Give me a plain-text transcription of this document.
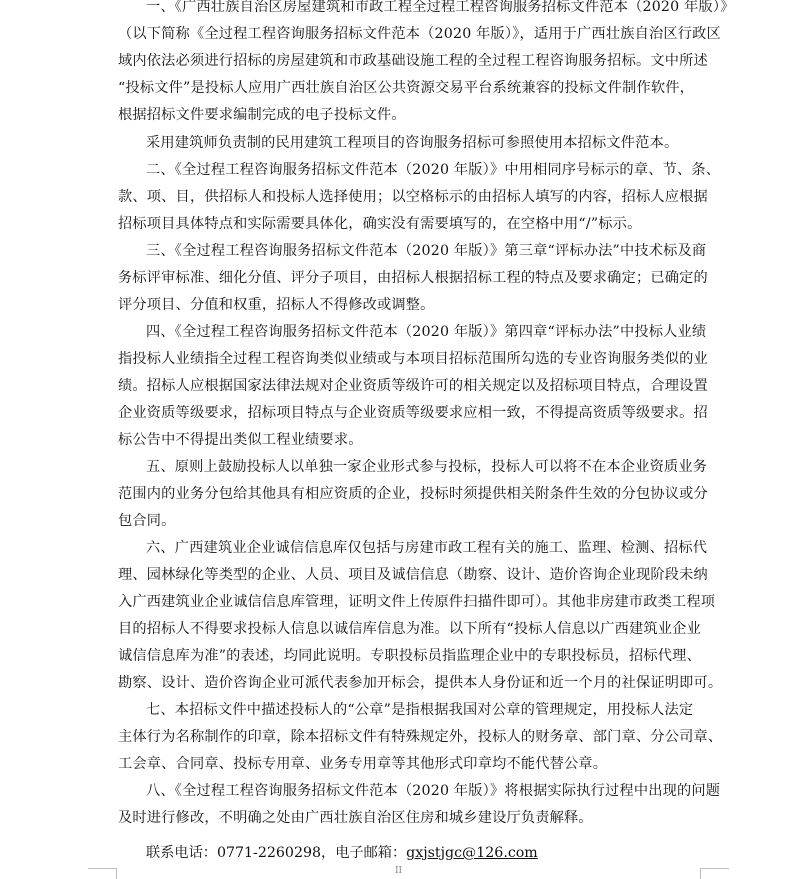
一、《广西壮族自治区房屋建筑和市政工程全过程工程咨询服务招标文件范本（2020 年版）》
（以下简称《全过程工程咨询服务招标文件范本（2020 年版）》，适用于广西壮族自治区行政区
域内依法必须进行招标的房屋建筑和市政基础设施工程的全过程工程咨询服务招标。文中所述
“投标文件”是投标人应用广西壮族自治区公共资源交易平台系统兼容的投标文件制作软件，
根据招标文件要求编制完成的电子投标文件。

采用建筑师负责制的民用建筑工程项目的咨询服务招标可参照使用本招标文件范本。

二、《全过程工程咨询服务招标文件范本（2020 年版）》中用相同序号标示的章、节、条、
款、项、目，供招标人和投标人选择使用；以空格标示的由招标人填写的内容，招标人应根据
招标项目具体特点和实际需要具体化，确实没有需要填写的，在空格中用“/”标示。

三、《全过程工程咨询服务招标文件范本（2020 年版）》第三章“评标办法”中技术标及商
务标评审标准、细化分值、评分子项目，由招标人根据招标工程的特点及要求确定；已确定的
评分项目、分值和权重，招标人不得修改或调整。

四、《全过程工程咨询服务招标文件范本（2020 年版）》第四章“评标办法”中投标人业绩
指投标人业绩指全过程工程咨询类似业绩或与本项目招标范围所勾选的专业咨询服务类似的业
绩。招标人应根据国家法律法规对企业资质等级许可的相关规定以及招标项目特点，合理设置
企业资质等级要求，招标项目特点与企业资质等级要求应相一致，不得提高资质等级要求。招
标公告中不得提出类似工程业绩要求。

五、原则上鼓励投标人以单独一家企业形式参与投标，投标人可以将不在本企业资质业务
范围内的业务分包给其他具有相应资质的企业，投标时须提供相关附条件生效的分包协议或分
包合同。

六、广西建筑业企业诚信信息库仅包括与房建市政工程有关的施工、监理、检测、招标代
理、园林绿化等类型的企业、人员、项目及诚信信息（勘察、设计、造价咨询企业现阶段未纳
入广西建筑业企业诚信信息库管理，证明文件上传原件扫描件即可）。其他非房建市政类工程项
目的招标人不得要求投标人信息以诚信库信息为准。以下所有“投标人信息以广西建筑业企业
诚信信息库为准”的表述，均同此说明。专职投标员指监理企业中的专职投标员，招标代理、
勘察、设计、造价咨询企业可派代表参加开标会，提供本人身份证和近一个月的社保证明即可。

七、本招标文件中描述投标人的“公章”是指根据我国对公章的管理规定，用投标人法定
主体行为名称制作的印章，除本招标文件有特殊规定外，投标人的财务章、部门章、分公司章、
工会章、合同章、投标专用章、业务专用章等其他形式印章均不能代替公章。

八、《全过程工程咨询服务招标文件范本（2020 年版）》将根据实际执行过程中出现的问题
及时进行修改，不明确之处由广西壮族自治区住房和城乡建设厅负责解释。

联系电话：0771-2260298，电子邮箱：gxjstjgc@126.com
II
